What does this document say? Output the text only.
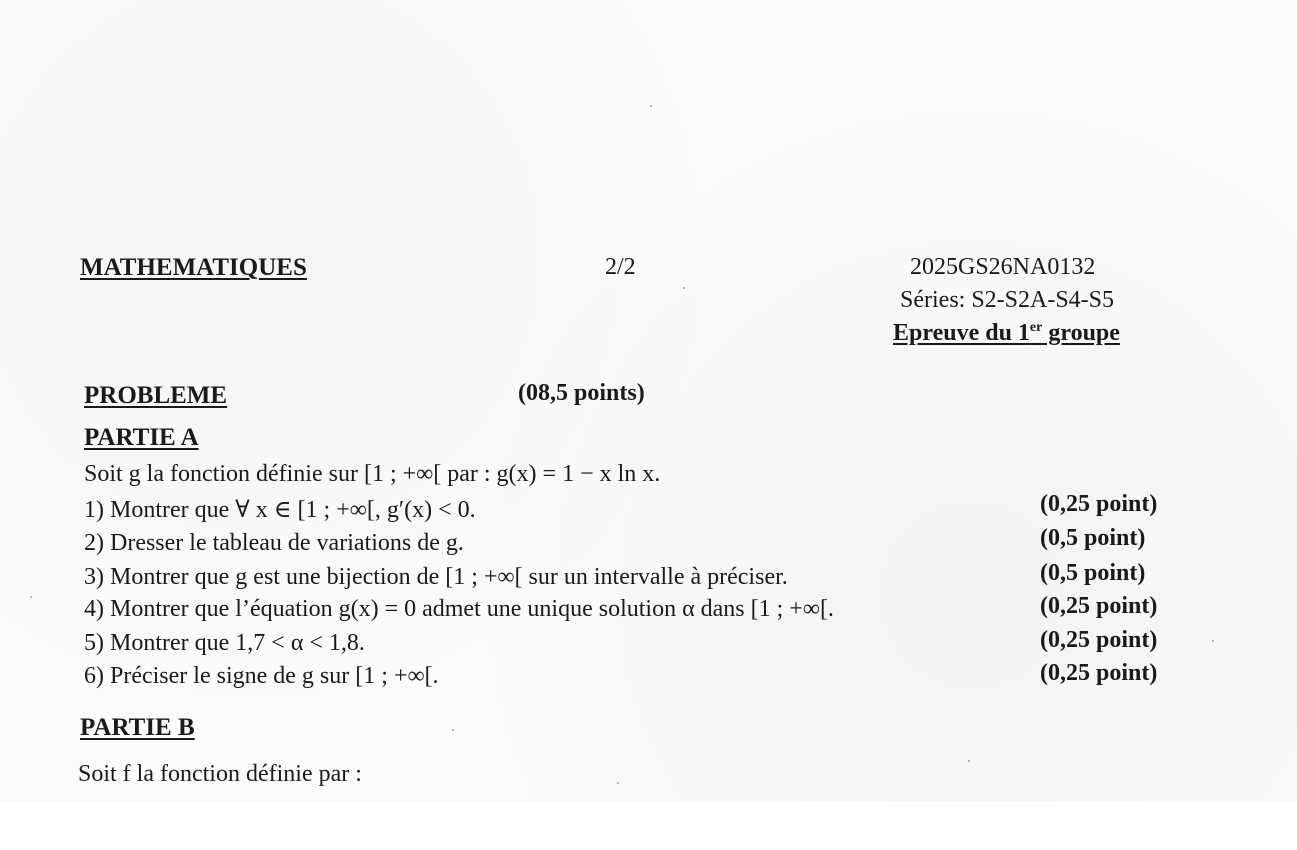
MATHEMATIQUES	2/2	2025GS26NA0132
Séries: S2-S2A-S4-S5
Epreuve du 1er groupe
PROBLEME	(08,5 points)
PARTIE A
Soit g la fonction définie sur [1 ; +∞[ par : g(x) = 1 − x ln x.
1) Montrer que ∀ x ∈ [1 ; +∞[, g′(x) < 0.	(0,25 point)
2) Dresser le tableau de variations de g.	(0,5 point)
3) Montrer que g est une bijection de [1 ; +∞[ sur un intervalle à préciser.	(0,5 point)
4) Montrer que l’équation g(x) = 0 admet une unique solution α dans [1 ; +∞[.	(0,25 point)
5) Montrer que 1,7 < α < 1,8.	(0,25 point)
6) Préciser le signe de g sur [1 ; +∞[.	(0,25 point)
PARTIE B
Soit f la fonction définie par :
